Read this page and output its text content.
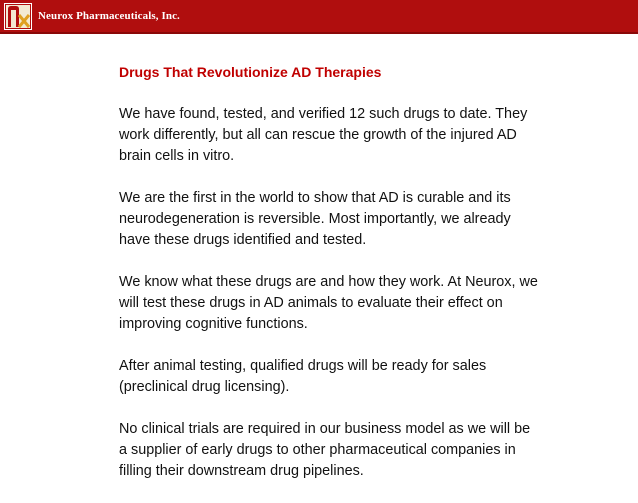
Neurox Pharmaceuticals, Inc.
Drugs That Revolutionize AD Therapies

We have found, tested, and verified 12 such drugs to date. They work differently, but all can rescue the growth of the injured AD brain cells in vitro.

We are the first in the world to show that AD is curable and its neurodegeneration is reversible. Most importantly, we already have these drugs identified and tested.

We know what these drugs are and how they work. At Neurox, we will test these drugs in AD animals to evaluate their effect on improving cognitive functions.

After animal testing, qualified drugs will be ready for sales (preclinical drug licensing).

No clinical trials are required in our business model as we will be a supplier of early drugs to other pharmaceutical companies in filling their downstream drug pipelines.
